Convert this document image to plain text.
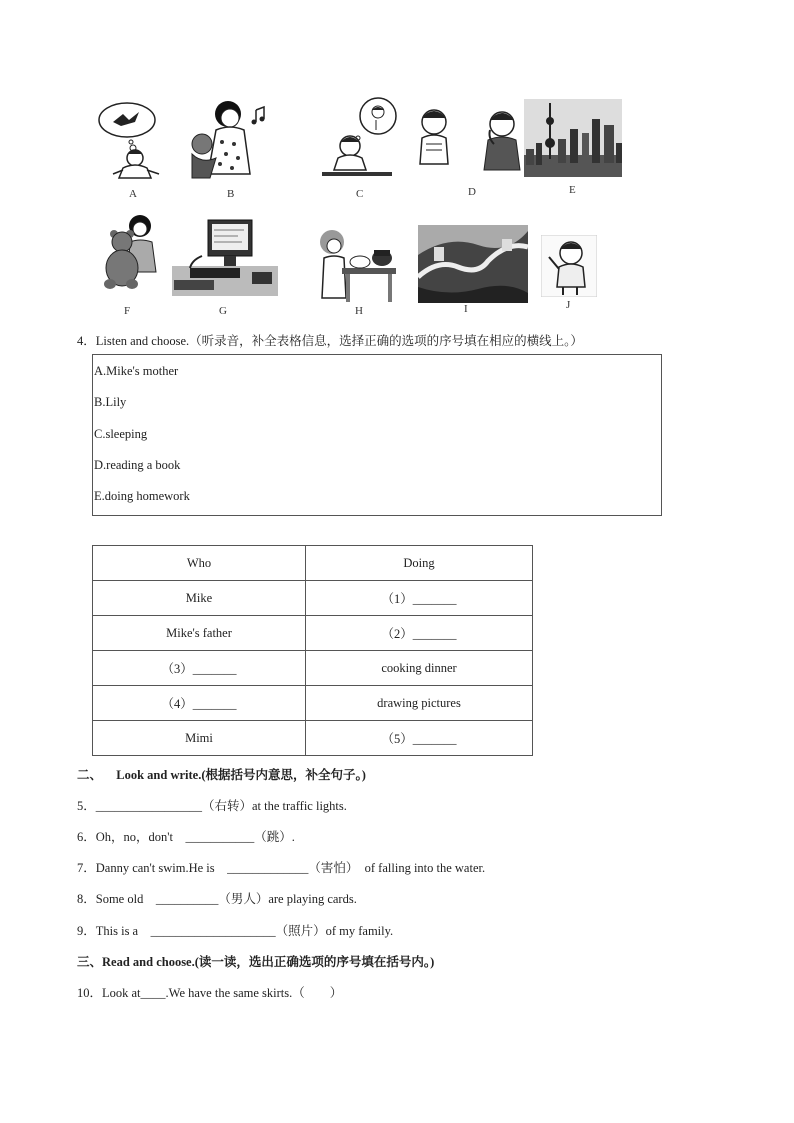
A	B	C	D	E
F	G	H	I	J
4．Listen and choose.（听录音，补全表格信息，选择正确的选项的序号填在相应的横线上。）
A.Mike's mother
B.Lily
C.sleeping
D.reading a book
E.doing homework
Who	Doing
Mike	（1）_______
Mike's father	（2）_______
（3）_______	cooking dinner
（4）_______	drawing pictures
Mimi	（5）_______
二、 Look and write.(根据括号内意思，补全句子。)
5．_________________（右转）at the traffic lights.
6．Oh，no，don't　___________（跳）.
7．Danny can't swim.He is　_____________（害怕）　of falling into the water.
8．Some old　__________（男人）are playing cards.
9．This is a　____________________（照片）of my family.
三、Read and choose.(读一读，选出正确选项的序号填在括号内。)
10．Look at____.We have the same skirts.（　　）
